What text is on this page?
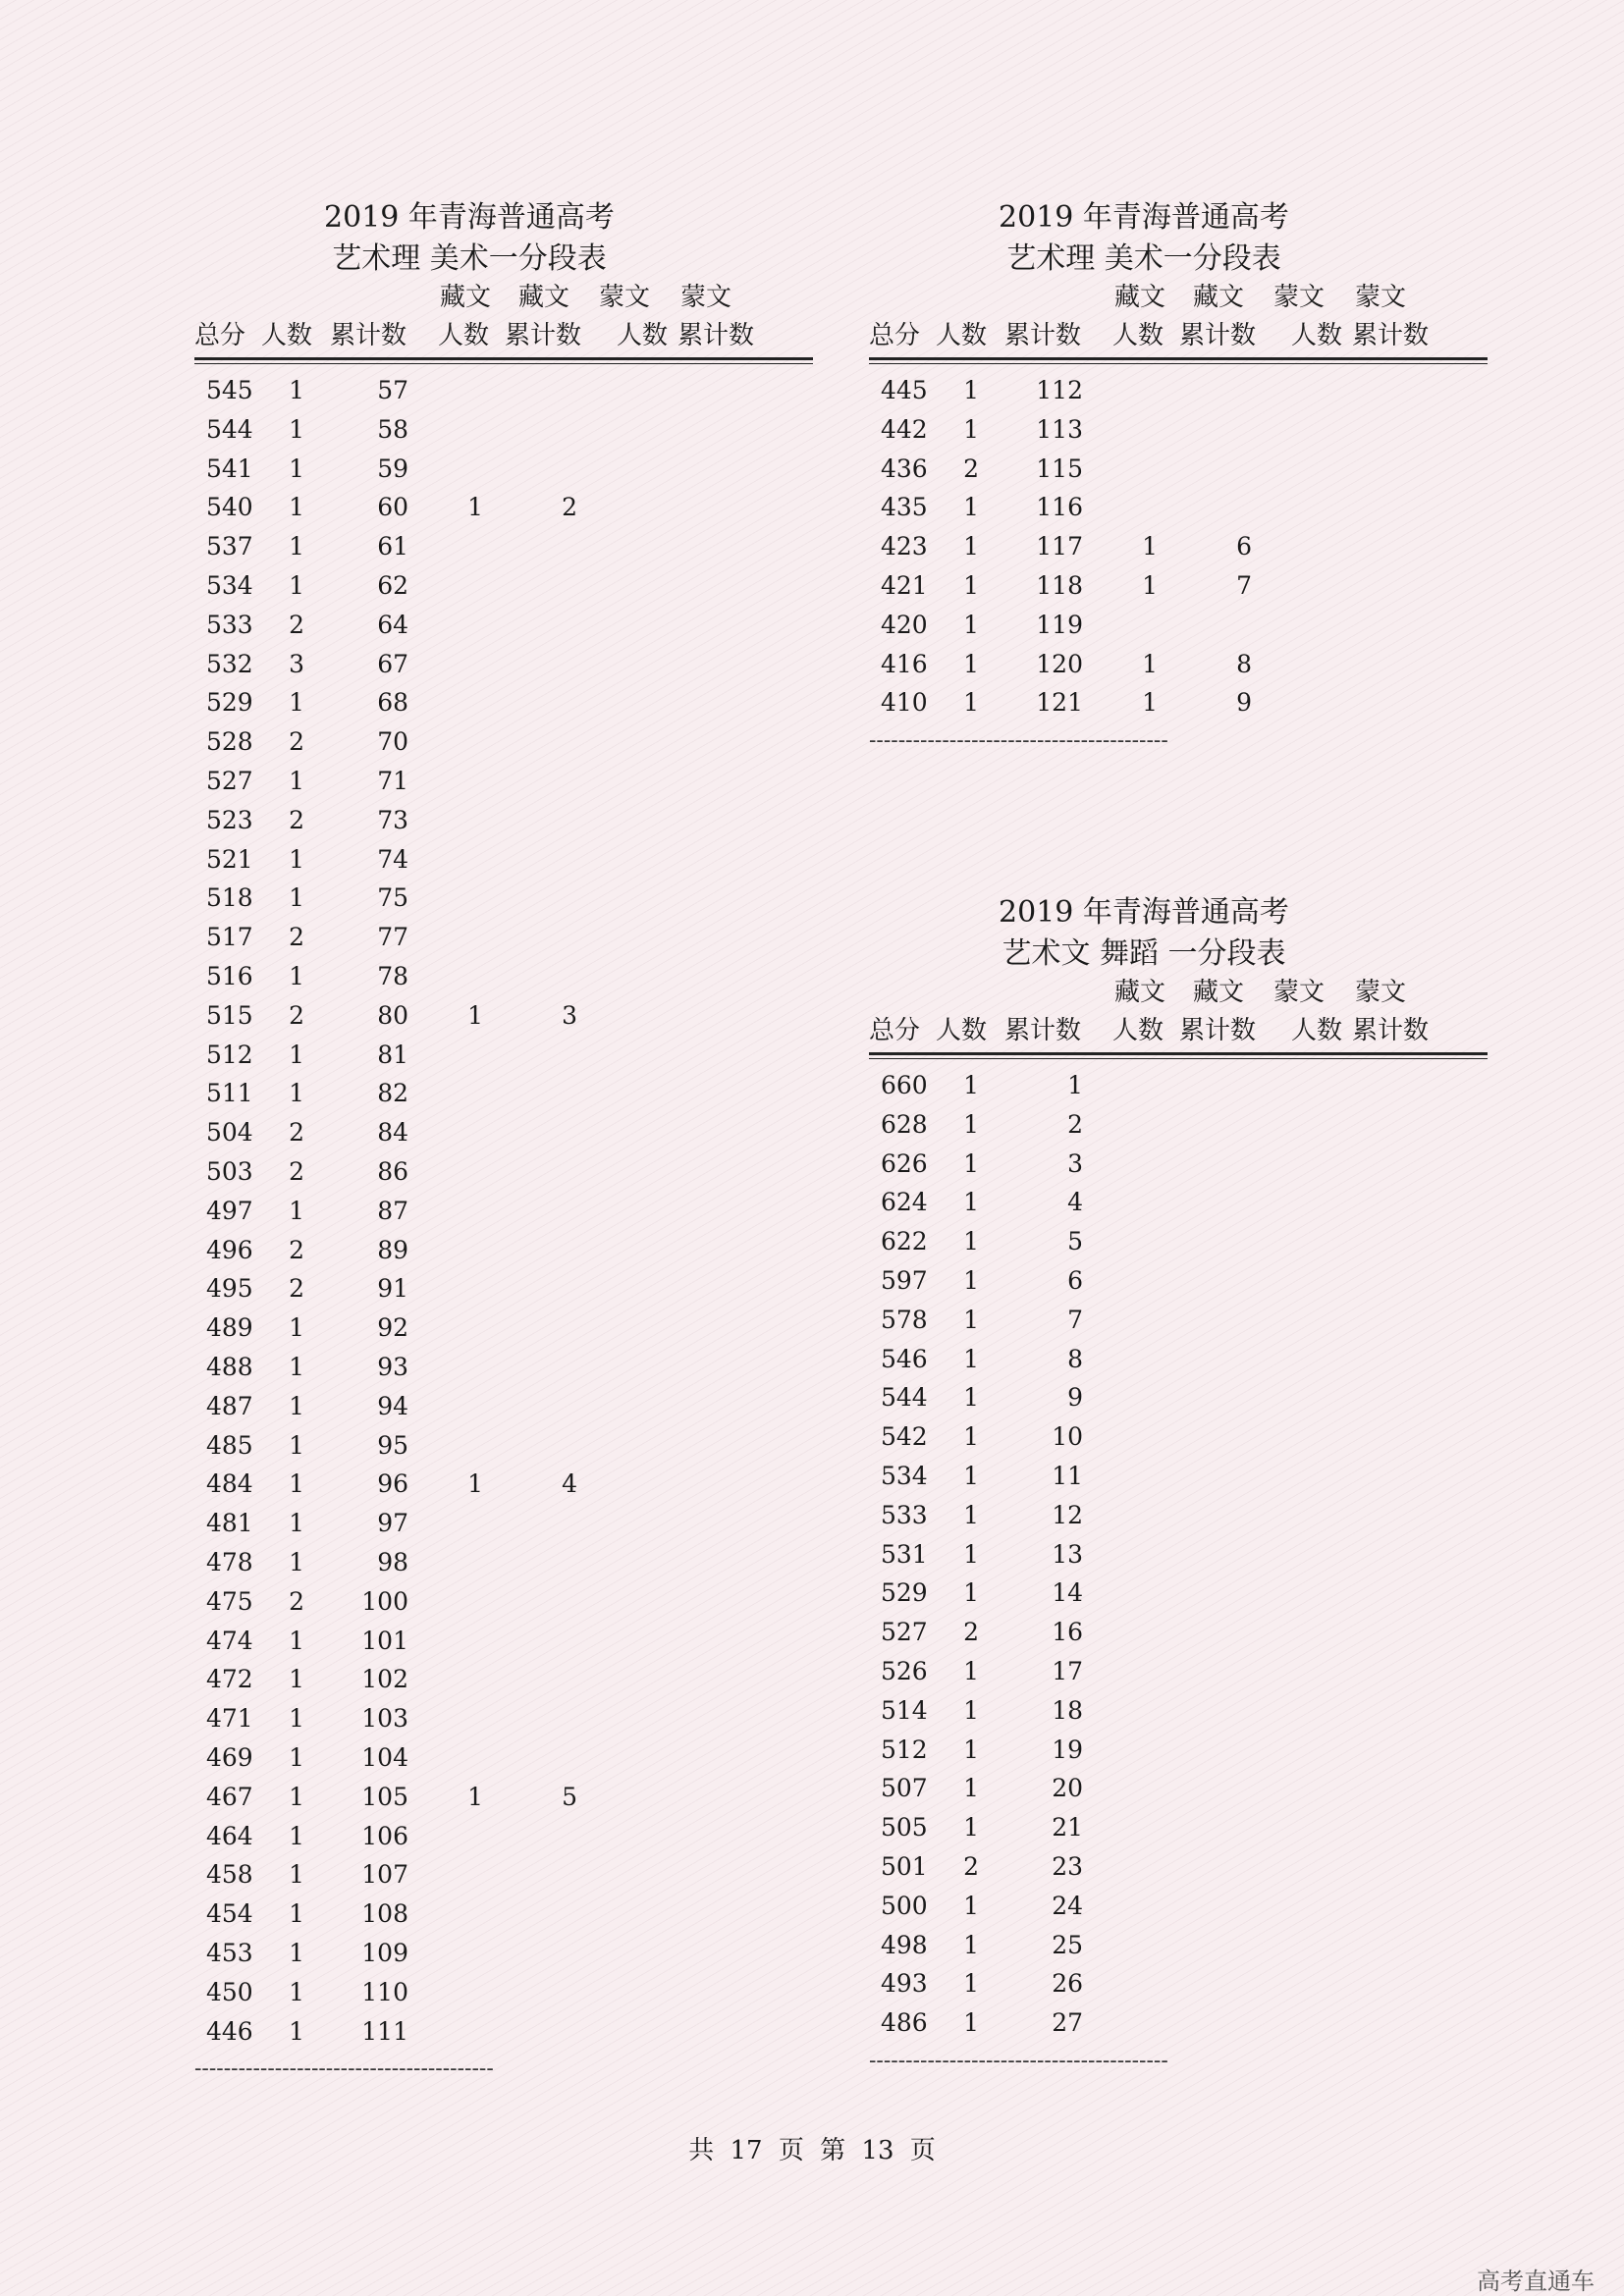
2019 年青海普通高考
艺术理 美术一分段表
藏文 藏文 蒙文 蒙文
总分 人数 累计数 人数 累计数 人数 累计数
545	1	57
544	1	58
541	1	59
540	1	60	1	2
537	1	61
534	1	62
533	2	64
532	3	67
529	1	68
528	2	70
527	1	71
523	2	73
521	1	74
518	1	75
517	2	77
516	1	78
515	2	80	1	3
512	1	81
511	1	82
504	2	84
503	2	86
497	1	87
496	2	89
495	2	91
489	1	92
488	1	93
487	1	94
485	1	95
484	1	96	1	4
481	1	97
478	1	98
475	2	100
474	1	101
472	1	102
471	1	103
469	1	104
467	1	105	1	5
464	1	106
458	1	107
454	1	108
453	1	109
450	1	110
446	1	111
-----------------------------------------
2019 年青海普通高考
艺术理 美术一分段表
藏文 藏文 蒙文 蒙文
总分 人数 累计数 人数 累计数 人数 累计数
445	1	112
442	1	113
436	2	115
435	1	116
423	1	117	1	6
421	1	118	1	7
420	1	119
416	1	120	1	8
410	1	121	1	9
-----------------------------------------
2019 年青海普通高考
艺术文 舞蹈 一分段表
藏文 藏文 蒙文 蒙文
总分 人数 累计数 人数 累计数 人数 累计数
660	1	1
628	1	2
626	1	3
624	1	4
622	1	5
597	1	6
578	1	7
546	1	8
544	1	9
542	1	10
534	1	11
533	1	12
531	1	13
529	1	14
527	2	16
526	1	17
514	1	18
512	1	19
507	1	20
505	1	21
501	2	23
500	1	24
498	1	25
493	1	26
486	1	27
-----------------------------------------
共 17 页 第 13 页
高考直通车
